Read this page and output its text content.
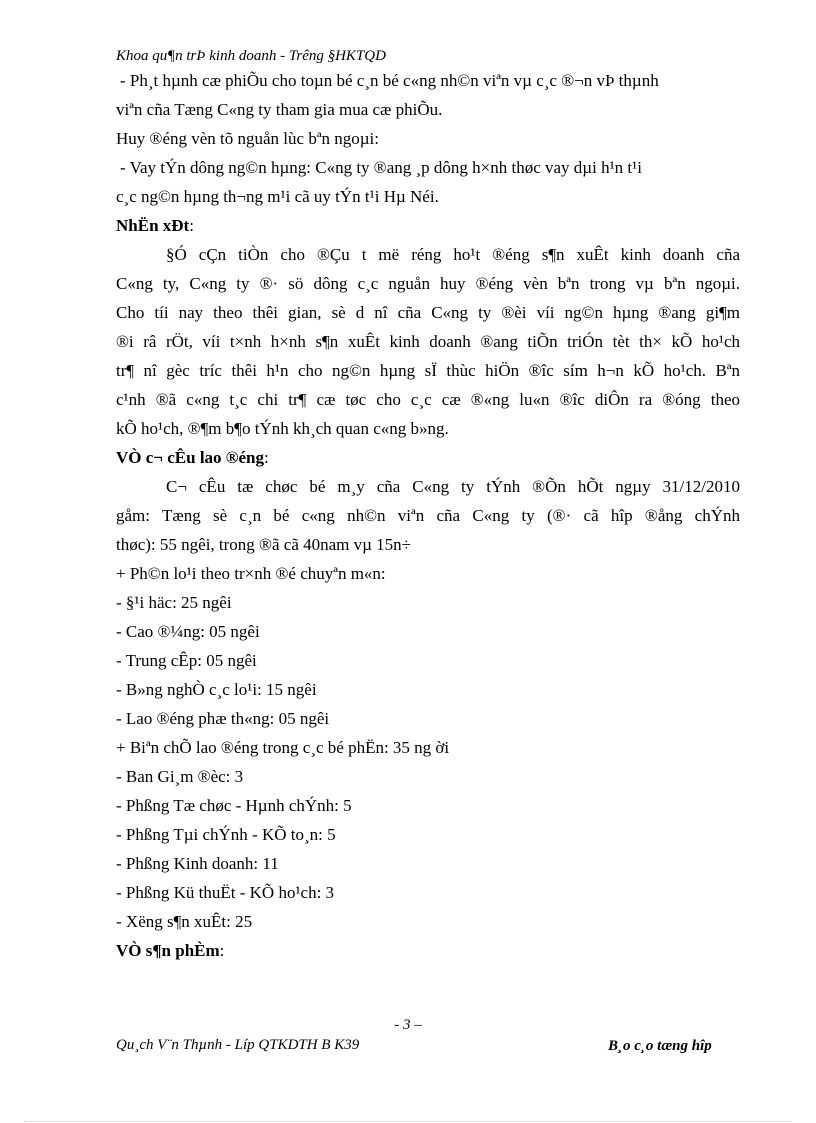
Khoa qu¶n trÞ kinh doanh - Trêng §HKTQD
- Ph¸t hµnh cæ phiÕu cho toµn bé c¸n bé c«ng nh©n viªn vµ c¸c ®¬n vÞ thµnh
viªn cña Tæng C«ng ty tham gia mua cæ phiÕu.
Huy ®éng vèn tõ nguån lùc bªn ngoµi:
- Vay tÝn dông ng©n hµng: C«ng ty ®ang ¸p dông h×nh thøc vay dµi h¹n t¹i
c¸c ng©n hµng th¬ng m¹i cã uy tÝn t¹i Hµ Néi.
NhËn xÐt:
§Ó cÇn tiÒn cho ®Çu t më réng ho¹t ®éng s¶n xuÊt kinh doanh cña
C«ng ty, C«ng ty ®· sö dông c¸c nguån huy ®éng vèn bªn trong vµ bªn ngoµi.
Cho tíi nay theo thêi gian, sè d nî cña C«ng ty ®èi víi ng©n hµng ®ang gi¶m
®i râ rÖt, víi t×nh h×nh s¶n xuÊt kinh doanh ®ang tiÕn triÓn tèt th× kÕ ho¹ch
tr¶ nî gèc tríc thêi h¹n cho ng©n hµng sÏ thùc hiÖn ®îc sím h¬n kÕ ho¹ch. Bªn
c¹nh ®ã c«ng t¸c chi tr¶ cæ tøc cho c¸c cæ ®«ng lu«n ®îc diÔn ra ®óng theo
kÕ ho¹ch, ®¶m b¶o tÝnh kh¸ch quan c«ng b»ng.
VÒ c¬ cÊu lao ®éng:
C¬ cÊu tæ chøc bé m¸y cña C«ng ty tÝnh ®Õn hÕt ngµy 31/12/2010
gåm: Tæng sè c¸n bé c«ng nh©n viªn cña C«ng ty (®· cã hîp ®ång chÝnh
thøc): 55 ngêi, trong ®ã cã 40nam vµ 15n÷
+ Ph©n lo¹i theo tr×nh ®é chuyªn m«n:
- §¹i häc: 25 ngêi
- Cao ®¼ng: 05 ngêi
- Trung cÊp: 05 ngêi
- B»ng nghÒ c¸c lo¹i: 15 ngêi
- Lao ®éng phæ th«ng: 05 ngêi
+ Biªn chÕ lao ®éng trong c¸c bé phËn: 35 ng ời
- Ban Gi¸m ®èc: 3
- Phßng Tæ chøc - Hµnh chÝnh: 5
- Phßng Tµi chÝnh - KÕ to¸n: 5
- Phßng Kinh doanh: 11
- Phßng Kü thuËt - KÕ ho¹ch: 3
- Xëng s¶n xuÊt: 25
VÒ s¶n phÈm:
- 3 –
Qu¸ch V¨n Thµnh - Líp QTKDTH B K39	B¸o c¸o tæng hîp
